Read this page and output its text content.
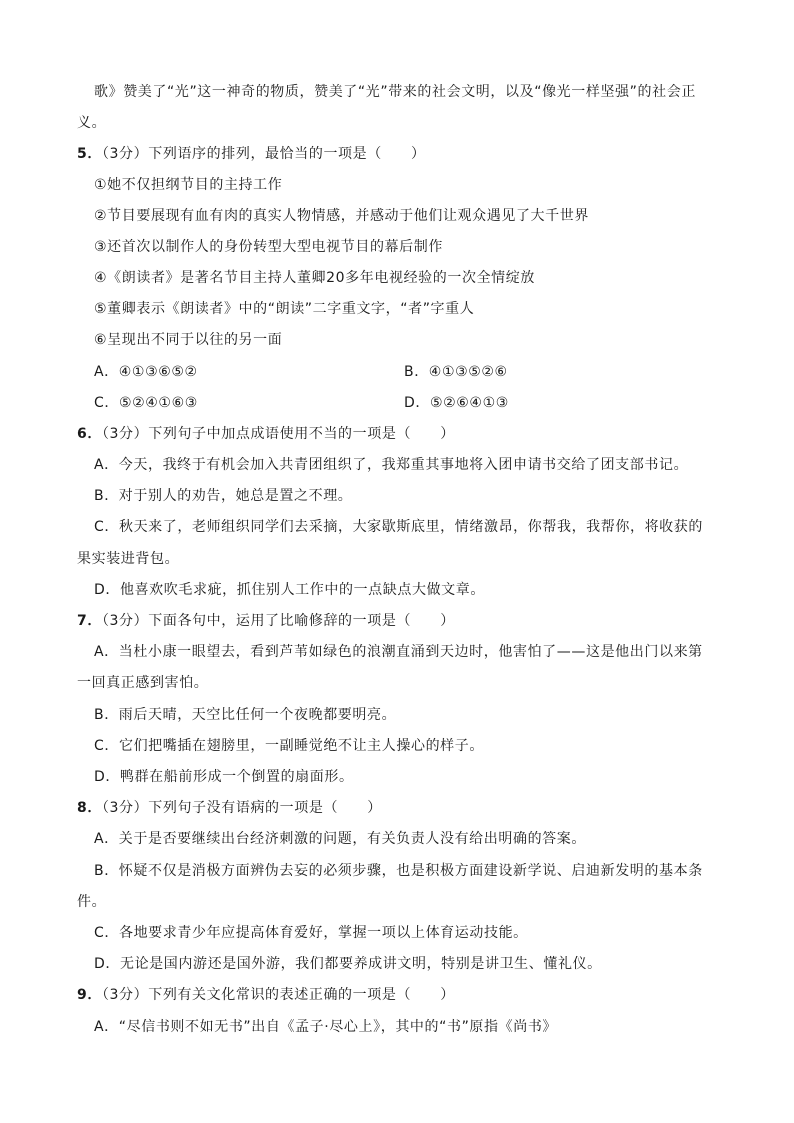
歌》赞美了“光”这一神奇的物质，赞美了“光”带来的社会文明，以及“像光一样坚强”的社会正
义。
5．（3分）下列语序的排列，最恰当的一项是（　　）
①她不仅担纲节目的主持工作
②节目要展现有血有肉的真实人物情感，并感动于他们让观众遇见了大千世界
③还首次以制作人的身份转型大型电视节目的幕后制作
④《朗读者》是著名节目主持人董卿20多年电视经验的一次全情绽放
⑤董卿表示《朗读者》中的“朗读”二字重文字，“者”字重人
⑥呈现出不同于以往的另一面
A．④①③⑥⑤②	B．④①③⑤②⑥
C．⑤②④①⑥③	D．⑤②⑥④①③
6．（3分）下列句子中加点成语使用不当的一项是（　　）
A．今天，我终于有机会加入共青团组织了，我郑重其事地将入团申请书交给了团支部书记。
B．对于别人的劝告，她总是置之不理。
C．秋天来了，老师组织同学们去采摘，大家歇斯底里，情绪激昂，你帮我，我帮你，将收获的
果实装进背包。
D．他喜欢吹毛求疵，抓住别人工作中的一点缺点大做文章。
7．（3分）下面各句中，运用了比喻修辞的一项是（　　）
A．当杜小康一眼望去，看到芦苇如绿色的浪潮直涌到天边时，他害怕了——这是他出门以来第
一回真正感到害怕。
B．雨后天晴，天空比任何一个夜晚都要明亮。
C．它们把嘴插在翅膀里，一副睡觉绝不让主人操心的样子。
D．鸭群在船前形成一个倒置的扇面形。
8．（3分）下列句子没有语病的一项是（　　）
A．关于是否要继续出台经济刺激的问题，有关负责人没有给出明确的答案。
B．怀疑不仅是消极方面辨伪去妄的必须步骤，也是积极方面建设新学说、启迪新发明的基本条
件。
C．各地要求青少年应提高体育爱好，掌握一项以上体育运动技能。
D．无论是国内游还是国外游，我们都要养成讲文明，特别是讲卫生、懂礼仪。
9．（3分）下列有关文化常识的表述正确的一项是（　　）
A．“尽信书则不如无书”出自《孟子·尽心上》，其中的“书”原指《尚书》
